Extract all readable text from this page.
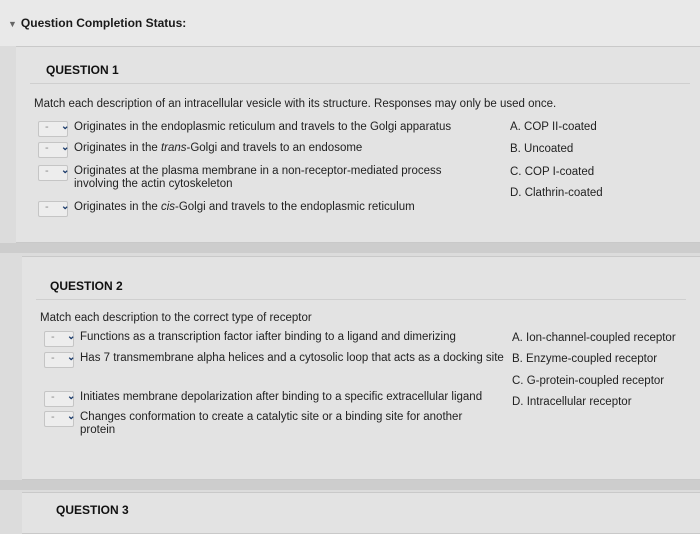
▼ Question Completion Status:
QUESTION 1
Match each description of an intracellular vesicle with its structure. Responses may only be used once.
- ⌄ Originates in the endoplasmic reticulum and travels to the Golgi apparatus
- ⌄ Originates in the trans-Golgi and travels to an endosome
- ⌄ Originates at the plasma membrane in a non-receptor-mediated process involving the actin cytoskeleton
- ⌄ Originates in the cis-Golgi and travels to the endoplasmic reticulum
A. COP II-coated
B. Uncoated
C. COP I-coated
D. Clathrin-coated
QUESTION 2
Match each description to the correct type of receptor
- ⌄ Functions as a transcription factor iafter binding to a ligand and dimerizing
- ⌄ Has 7 transmembrane alpha helices and a cytosolic loop that acts as a docking site
- ⌄ Initiates membrane depolarization after binding to a specific extracellular ligand
- ⌄ Changes conformation to create a catalytic site or a binding site for another protein
A. Ion-channel-coupled receptor
B. Enzyme-coupled receptor
C. G-protein-coupled receptor
D. Intracellular receptor
QUESTION 3
